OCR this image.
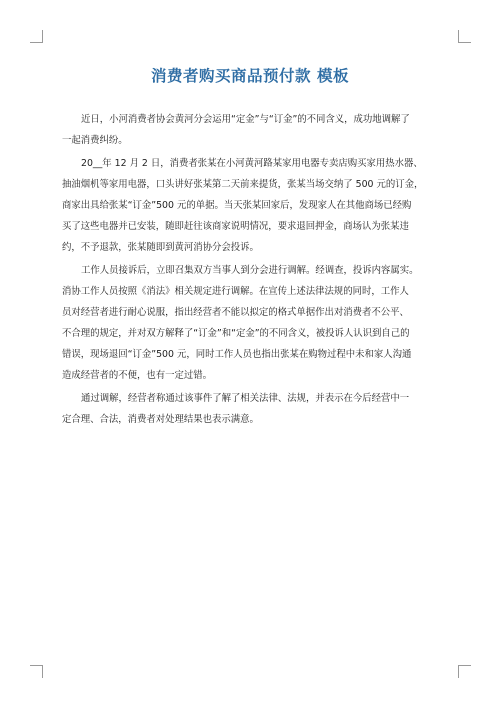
消费者购买商品预付款 模板

近日，小河消费者协会黄河分会运用“定金”与“订金”的不同含义，成功地调解了
一起消费纠纷。

20__年 12 月 2 日，消费者张某在小河黄河路某家用电器专卖店购买家用热水器、
抽油烟机等家用电器，口头讲好张某第二天前来提货，张某当场交纳了 500 元的订金，
商家出具给张某“订金”500 元的单据。当天张某回家后，发现家人在其他商场已经购
买了这些电器并已安装，随即赶往该商家说明情况，要求退回押金，商场认为张某违
约，不予退款，张某随即到黄河消协分会投诉。

工作人员接诉后，立即召集双方当事人到分会进行调解。经调查，投诉内容属实。
消协工作人员按照《消法》相关规定进行调解。在宣传上述法律法规的同时，工作人
员对经营者进行耐心说服，指出经营者不能以拟定的格式单据作出对消费者不公平、
不合理的规定，并对双方解释了“订金”和“定金”的不同含义，被投诉人认识到自己的
错误，现场退回“订金”500 元，同时工作人员也指出张某在购物过程中未和家人沟通
造成经营者的不便，也有一定过错。

通过调解，经营者称通过该事件了解了相关法律、法规，并表示在今后经营中一
定合理、合法，消费者对处理结果也表示满意。
